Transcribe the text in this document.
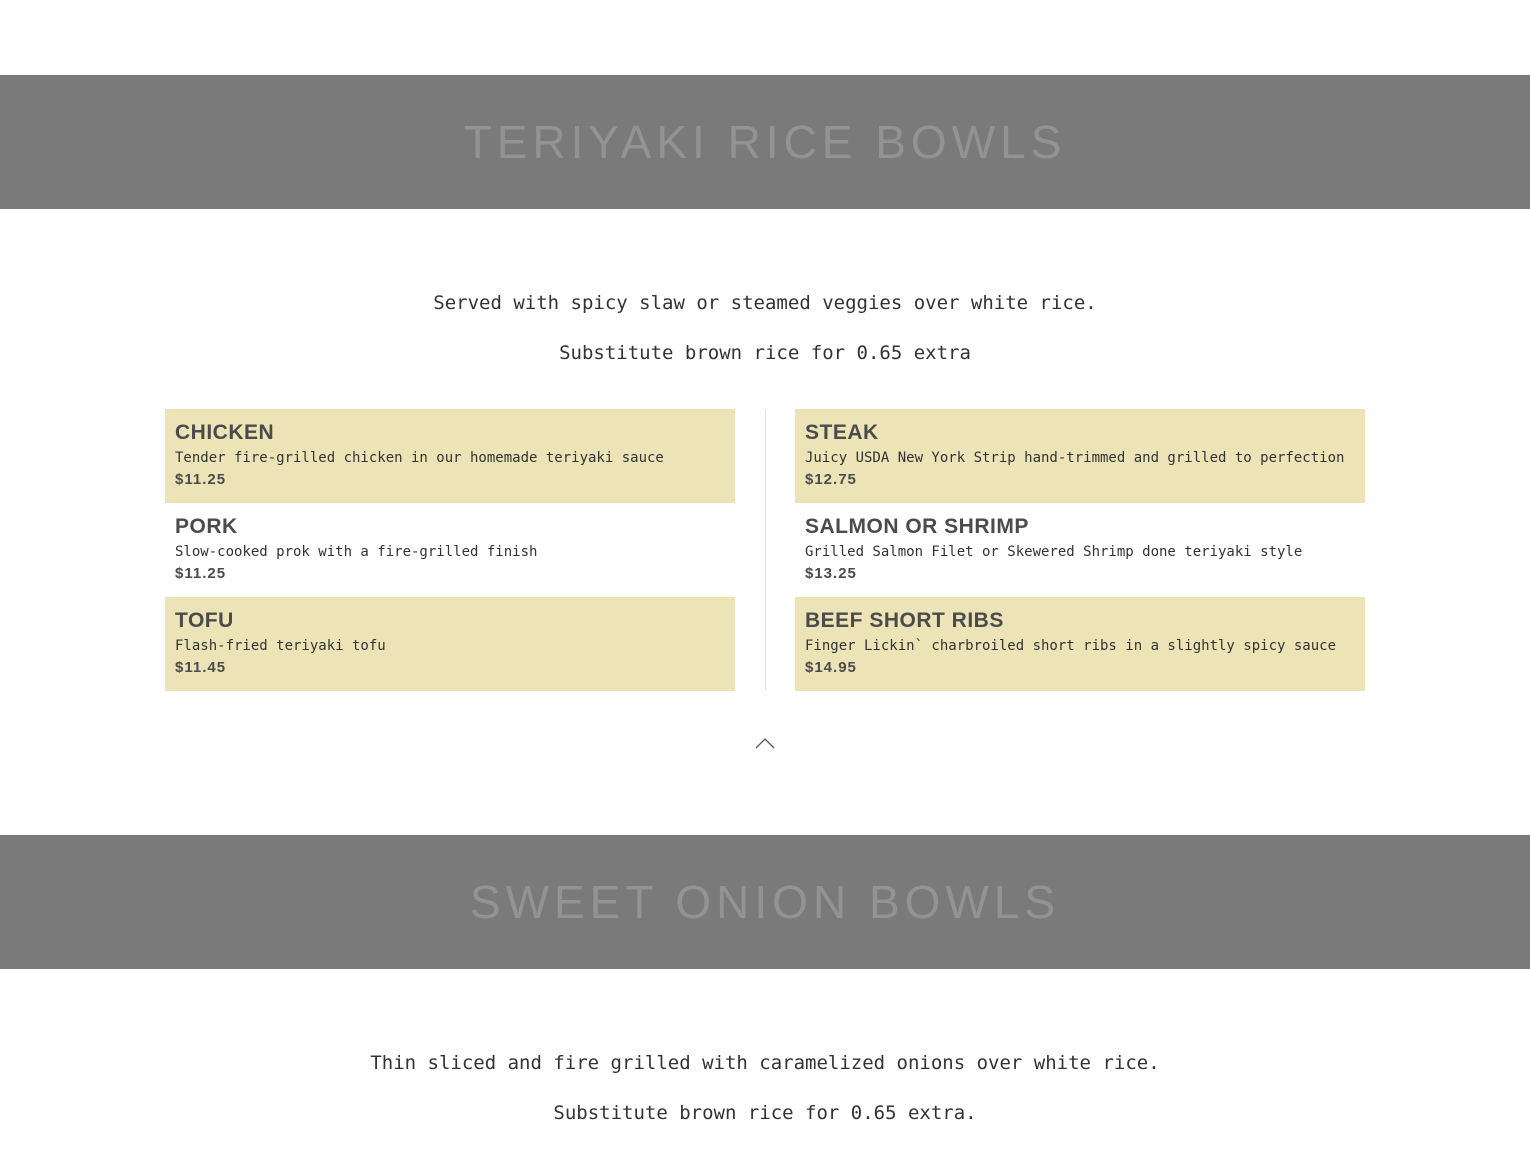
TERIYAKI RICE BOWLS

Served with spicy slaw or steamed veggies over white rice.

Substitute brown rice for 0.65 extra

CHICKEN
Tender fire-grilled chicken in our homemade teriyaki sauce
$11.25
PORK
Slow-cooked prok with a fire-grilled finish
$11.25
TOFU
Flash-fried teriyaki tofu
$11.45
STEAK
Juicy USDA New York Strip hand-trimmed and grilled to perfection
$12.75
SALMON OR SHRIMP
Grilled Salmon Filet or Skewered Shrimp done teriyaki style
$13.25
BEEF SHORT RIBS
Finger Lickin` charbroiled short ribs in a slightly spicy sauce
$14.95
SWEET ONION BOWLS

Thin sliced and fire grilled with caramelized onions over white rice.

Substitute brown rice for 0.65 extra.
